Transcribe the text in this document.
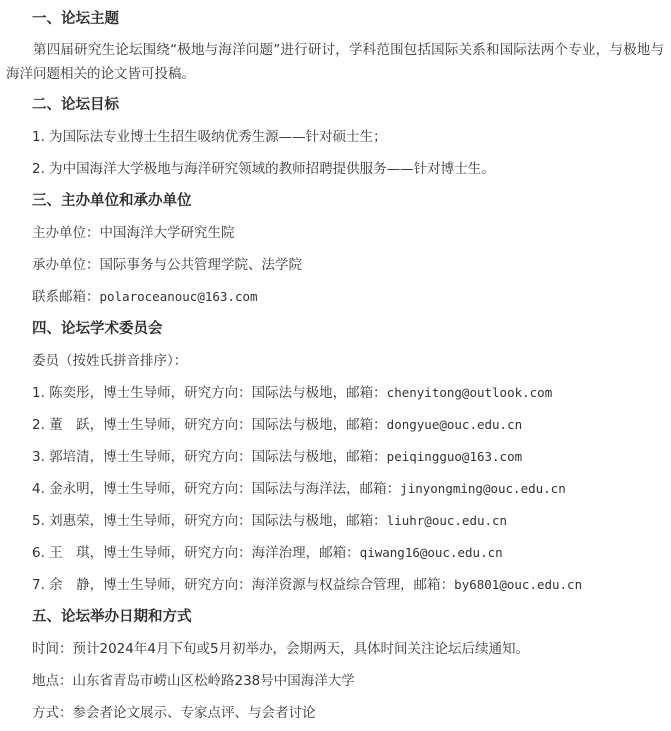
一、论坛主题
第四届研究生论坛围绕“极地与海洋问题”进行研讨，学科范围包括国际关系和国际法两个专业，与极地与海洋问题相关的论文皆可投稿。
二、论坛目标
1. 为国际法专业博士生招生吸纳优秀生源——针对硕士生；
2. 为中国海洋大学极地与海洋研究领域的教师招聘提供服务——针对博士生。
三、主办单位和承办单位
主办单位：中国海洋大学研究生院
承办单位：国际事务与公共管理学院、法学院
联系邮箱：polaroceanouc@163.com
四、论坛学术委员会
委员（按姓氏拼音排序）：
1. 陈奕彤，博士生导师，研究方向：国际法与极地，邮箱：chenyitong@outlook.com
2. 董　跃，博士生导师，研究方向：国际法与极地，邮箱：dongyue@ouc.edu.cn
3. 郭培清，博士生导师，研究方向：国际法与极地，邮箱：peiqingguo@163.com
4. 金永明，博士生导师，研究方向：国际法与海洋法，邮箱：jinyongming@ouc.edu.cn
5. 刘惠荣，博士生导师，研究方向：国际法与极地，邮箱：liuhr@ouc.edu.cn
6. 王　琪，博士生导师，研究方向：海洋治理，邮箱：qiwang16@ouc.edu.cn
7. 余　静，博士生导师，研究方向：海洋资源与权益综合管理，邮箱：by6801@ouc.edu.cn
五、论坛举办日期和方式
时间：预计2024年4月下旬或5月初举办，会期两天，具体时间关注论坛后续通知。
地点：山东省青岛市崂山区松岭路238号中国海洋大学
方式：参会者论文展示、专家点评、与会者讨论
